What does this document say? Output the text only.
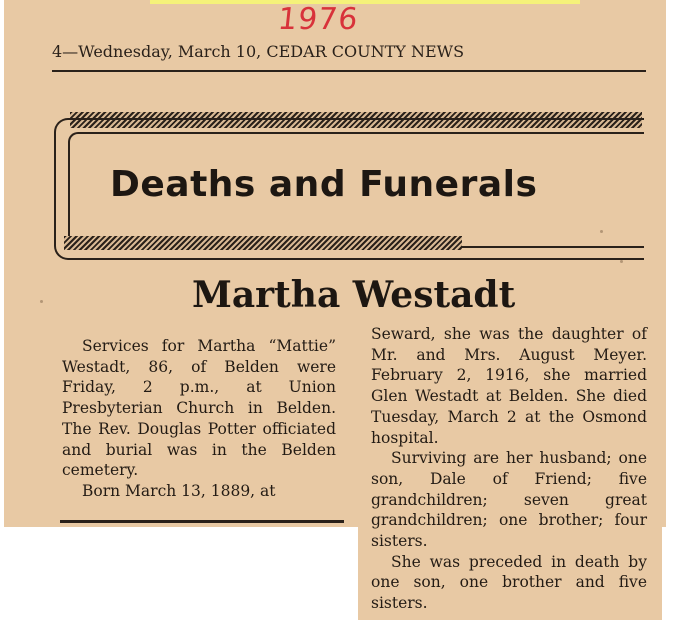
1976
4—Wednesday, March 10, CEDAR COUNTY NEWS
Deaths and Funerals
Martha Westadt

Services for Martha “Mattie” Westadt, 86, of Belden were Friday, 2 p.m., at Union Presbyterian Church in Belden. The Rev. Douglas Potter officiated and burial was in the Belden cemetery.

Born March 13, 1889, at

Seward, she was the daughter of Mr. and Mrs. August Meyer. February 2, 1916, she married Glen Westadt at Belden. She died Tuesday, March 2 at the Osmond hospital.

Surviving are her husband; one son, Dale of Friend; five grandchildren; seven great grandchildren; one brother; four sisters.

She was preceded in death by one son, one brother and five sisters.
